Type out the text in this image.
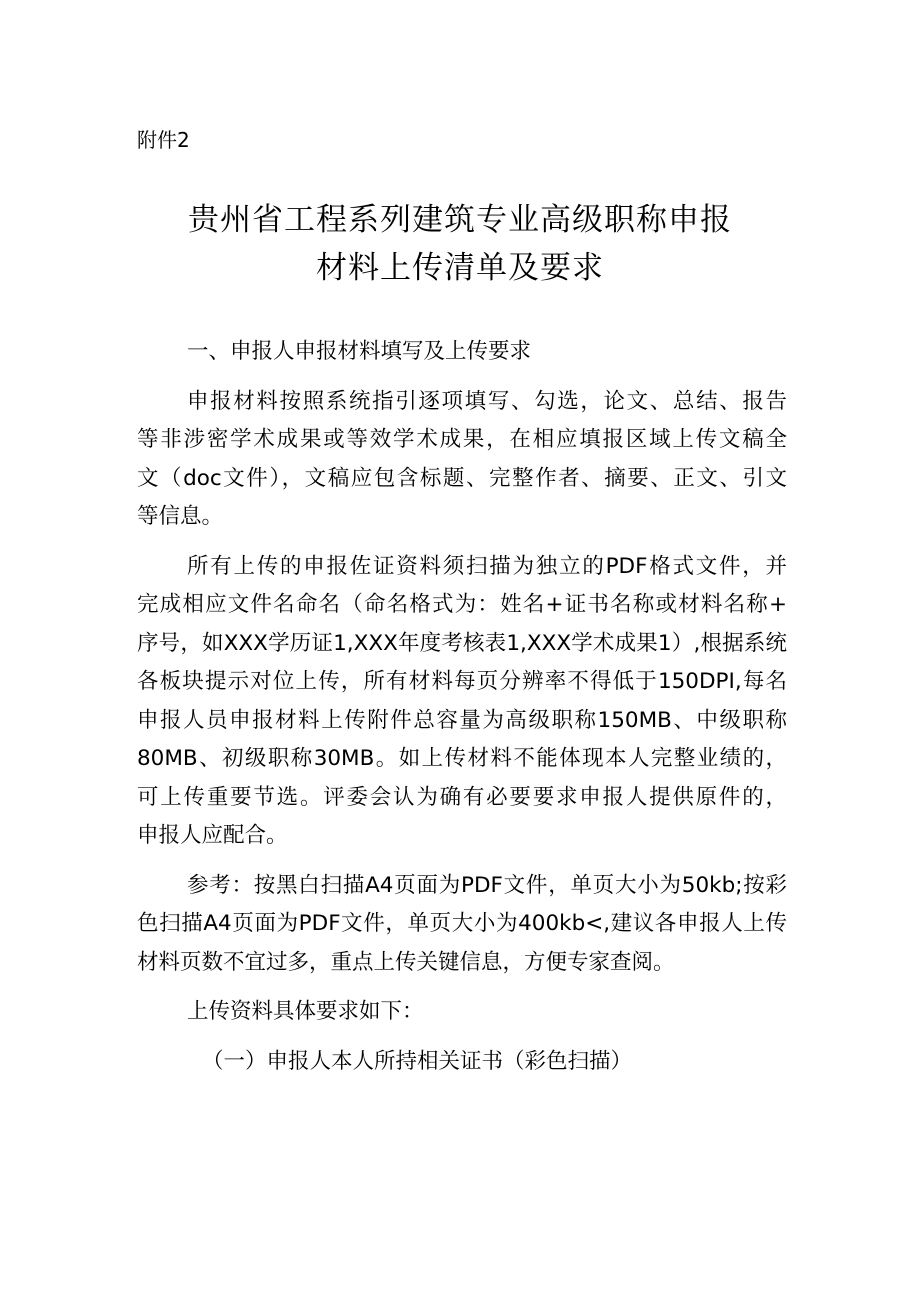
附件2
贵州省工程系列建筑专业高级职称申报
材料上传清单及要求
一、申报人申报材料填写及上传要求
申报材料按照系统指引逐项填写、勾选，论文、总结、报告
等非涉密学术成果或等效学术成果，在相应填报区域上传文稿全
文（doc文件），文稿应包含标题、完整作者、摘要、正文、引文
等信息。
所有上传的申报佐证资料须扫描为独立的PDF格式文件，并
完成相应文件名命名（命名格式为：姓名+证书名称或材料名称+
序号，如XXX学历证1,XXX年度考核表1,XXX学术成果1）,根据系统
各板块提示对位上传，所有材料每页分辨率不得低于150DPI,每名
申报人员申报材料上传附件总容量为高级职称150MB、中级职称
80MB、初级职称30MB。如上传材料不能体现本人完整业绩的，
可上传重要节选。评委会认为确有必要要求申报人提供原件的，
申报人应配合。
参考：按黑白扫描A4页面为PDF文件，单页大小为50kb;按彩
色扫描A4页面为PDF文件，单页大小为400kb<,建议各申报人上传
材料页数不宜过多，重点上传关键信息，方便专家查阅。
上传资料具体要求如下：
（一）申报人本人所持相关证书（彩色扫描）
